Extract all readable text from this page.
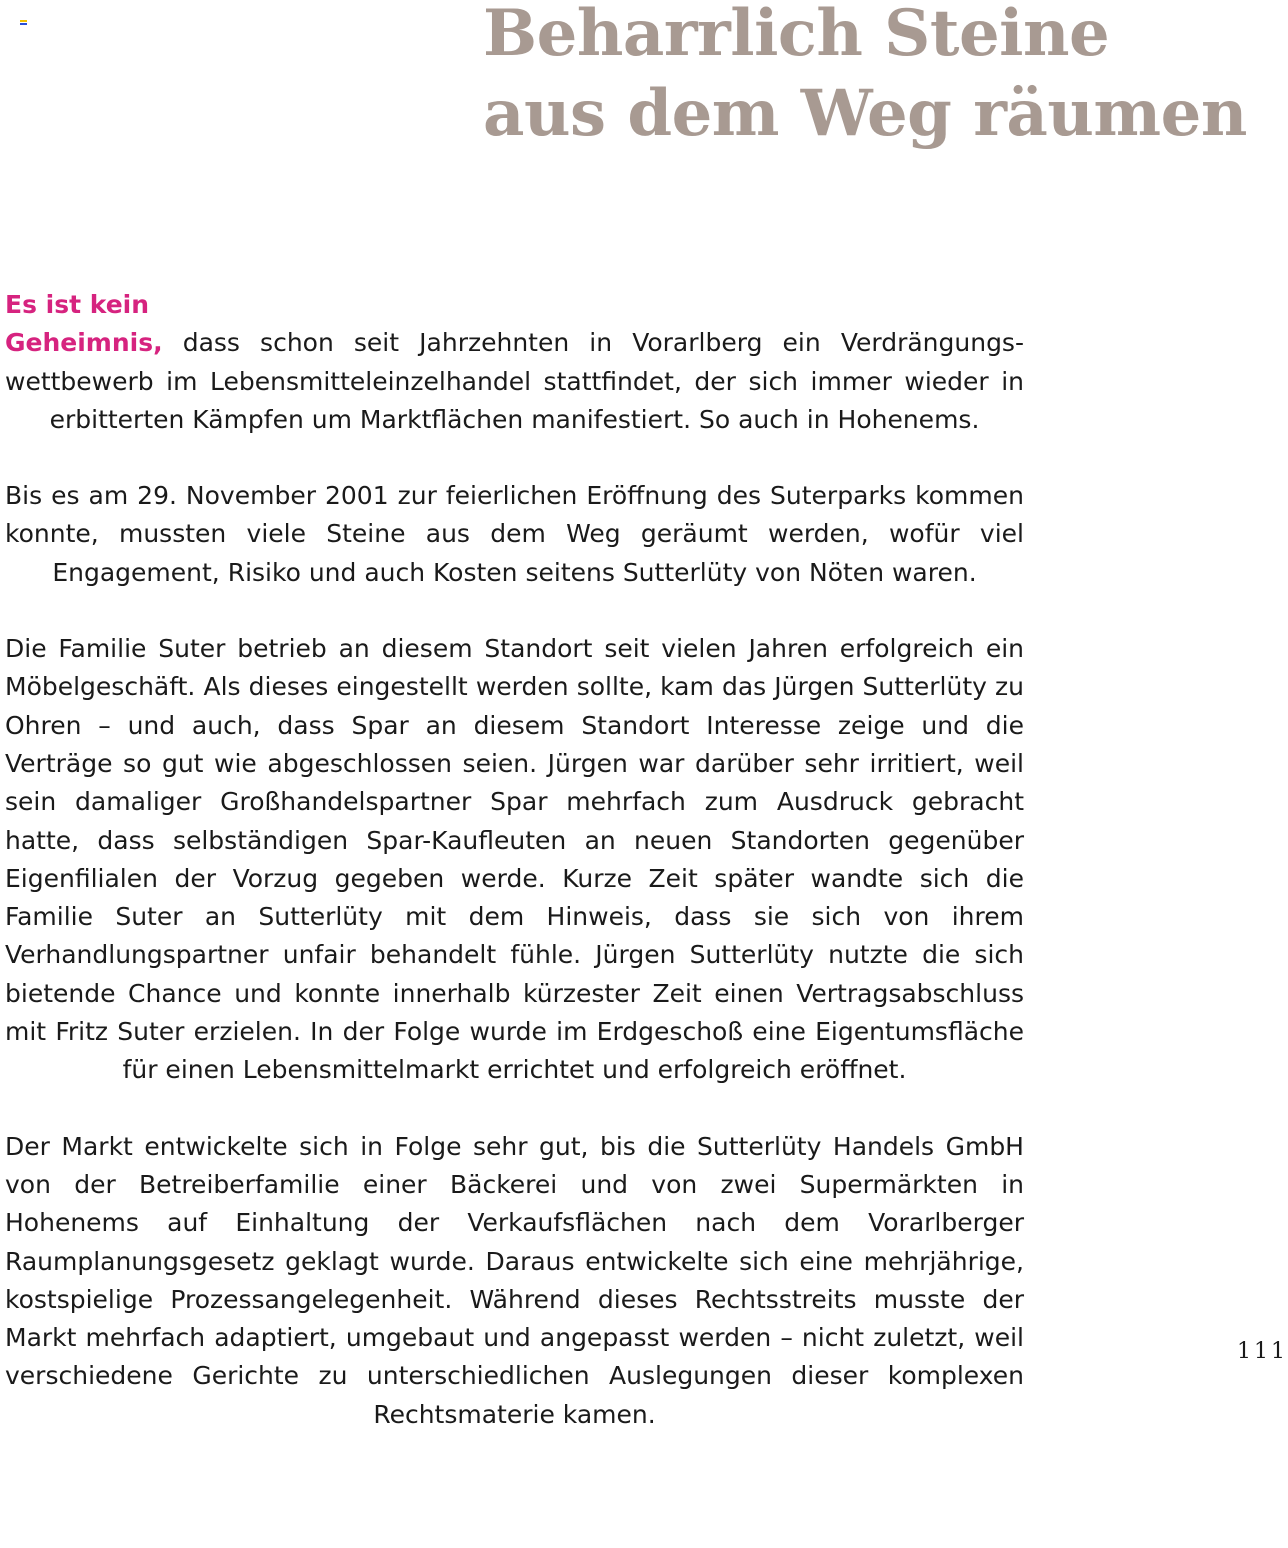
Beharrlich Steine
aus dem Weg räumen

Es ist kein
Geheimnis, dass schon seit Jahrzehnten in Vorarlberg ein Verdrängungswettbewerb im Lebensmitteleinzelhandel stattfindet, der sich immer wieder in erbitterten Kämpfen um Marktflächen manifestiert. So auch in Hohenems.

Bis es am 29. November 2001 zur feierlichen Eröffnung des Suterparks kommen konnte, mussten viele Steine aus dem Weg geräumt werden, wofür viel Engagement, Risiko und auch Kosten seitens Sutterlüty von Nöten waren.

Die Familie Suter betrieb an diesem Standort seit vielen Jahren erfolgreich ein Möbelgeschäft. Als dieses eingestellt werden sollte, kam das Jürgen Sutterlüty zu Ohren – und auch, dass Spar an diesem Standort Interesse zeige und die Verträge so gut wie abgeschlossen seien. Jürgen war darüber sehr irritiert, weil sein damaliger Großhandelspartner Spar mehrfach zum Ausdruck gebracht hatte, dass selbständigen Spar-Kaufleuten an neuen Standorten gegenüber Eigenfilialen der Vorzug gegeben werde. Kurze Zeit später wandte sich die Familie Suter an Sutterlüty mit dem Hinweis, dass sie sich von ihrem Verhandlungspartner unfair behandelt fühle. Jürgen Sutterlüty nutzte die sich bietende Chance und konnte innerhalb kürzester Zeit einen Vertragsabschluss mit Fritz Suter erzielen. In der Folge wurde im Erdgeschoß eine Eigentumsfläche für einen Lebensmittelmarkt errichtet und erfolgreich eröffnet.

Der Markt entwickelte sich in Folge sehr gut, bis die Sutterlüty Handels GmbH von der Betreiberfamilie einer Bäckerei und von zwei Supermärkten in Hohenems auf Einhaltung der Verkaufsflächen nach dem Vorarlberger Raumplanungsgesetz geklagt wurde. Daraus entwickelte sich eine mehrjährige, kostspielige Prozessangelegenheit. Während dieses Rechtsstreits musste der Markt mehrfach adaptiert, umgebaut und angepasst werden – nicht zuletzt, weil verschiedene Gerichte zu unterschiedlichen Auslegungen dieser komplexen Rechtsmaterie kamen.

111
